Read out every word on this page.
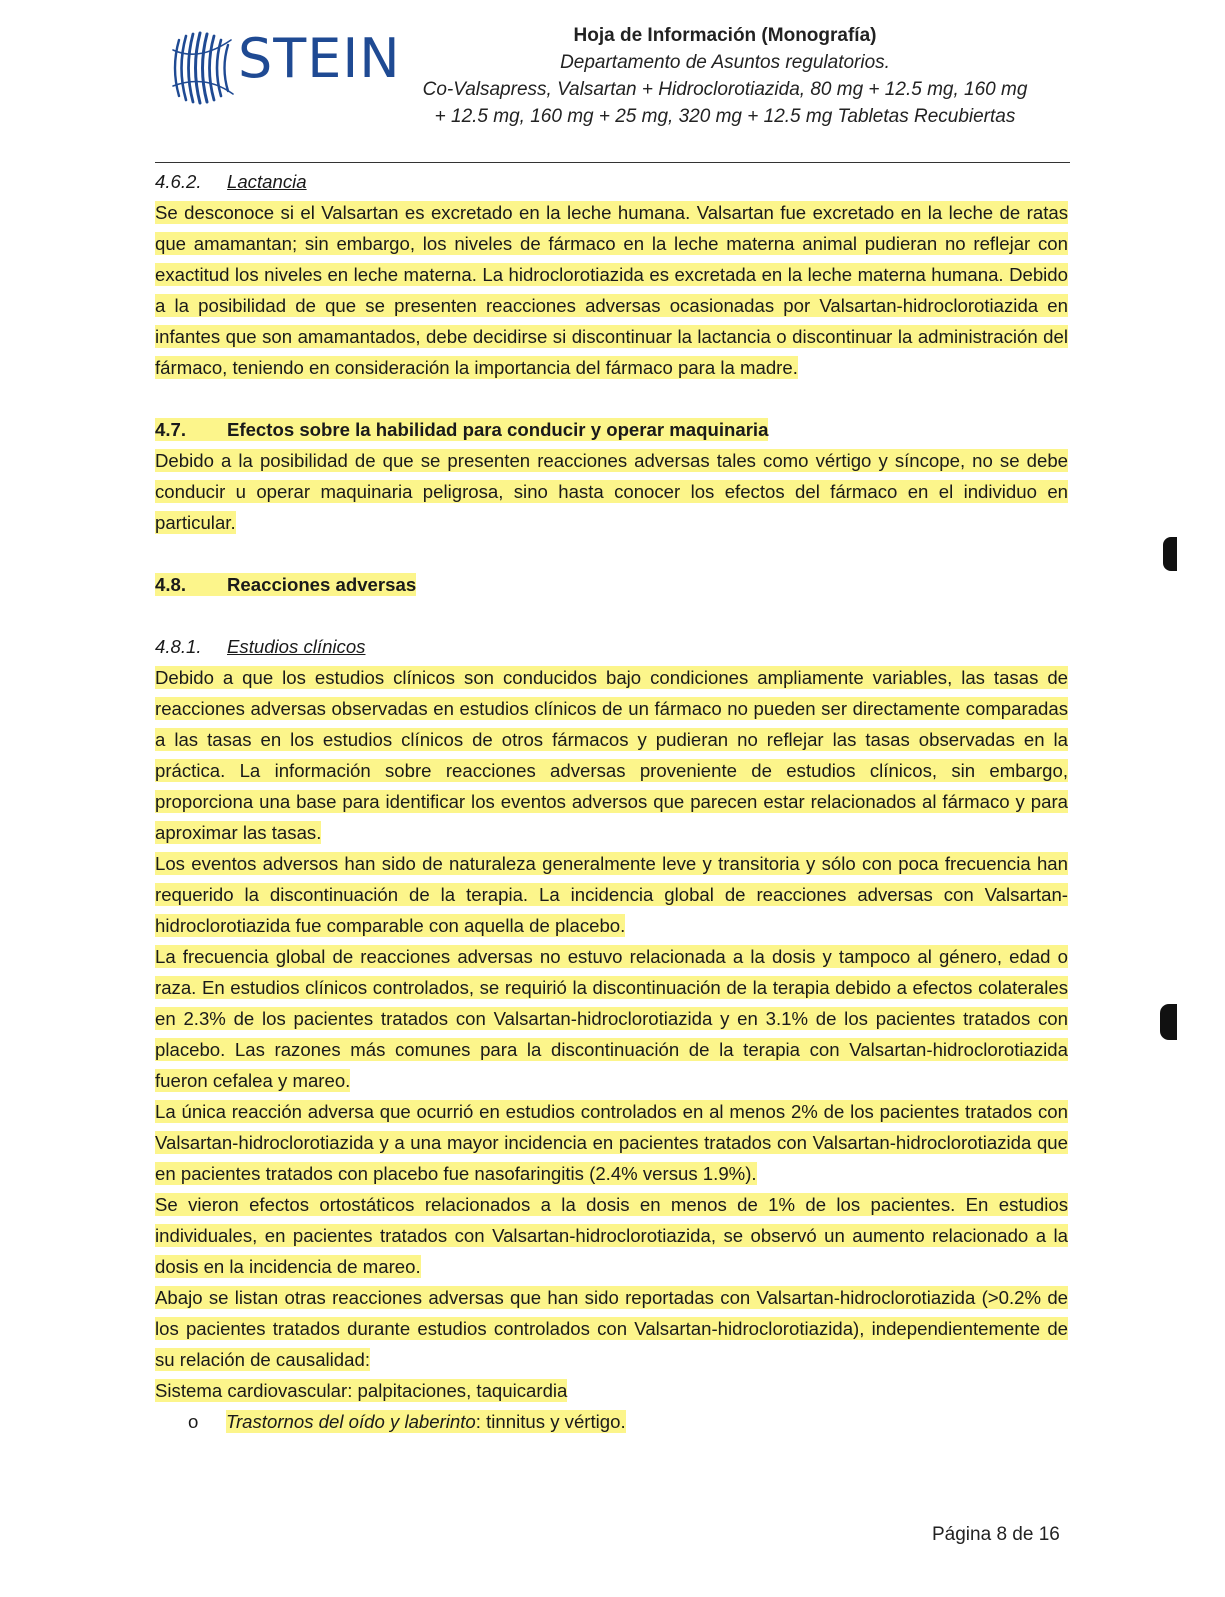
STEIN	Hoja de Información (Monografía)
Departamento de Asuntos regulatorios.
Co-Valsapress, Valsartan + Hidroclorotiazida, 80 mg + 12.5 mg, 160 mg
+ 12.5 mg, 160 mg + 25 mg, 320 mg + 12.5 mg Tabletas Recubiertas

4.6.2. Lactancia

Se desconoce si el Valsartan es excretado en la leche humana. Valsartan fue excretado en la leche de ratas que amamantan; sin embargo, los niveles de fármaco en la leche materna animal pudieran no reflejar con exactitud los niveles en leche materna. La hidroclorotiazida es excretada en la leche materna humana. Debido a la posibilidad de que se presenten reacciones adversas ocasionadas por Valsartan-hidroclorotiazida en infantes que son amamantados, debe decidirse si discontinuar la lactancia o discontinuar la administración del fármaco, teniendo en consideración la importancia del fármaco para la madre.

4.7. Efectos sobre la habilidad para conducir y operar maquinaria

Debido a la posibilidad de que se presenten reacciones adversas tales como vértigo y síncope, no se debe conducir u operar maquinaria peligrosa, sino hasta conocer los efectos del fármaco en el individuo en particular.

4.8. Reacciones adversas

4.8.1. Estudios clínicos

Debido a que los estudios clínicos son conducidos bajo condiciones ampliamente variables, las tasas de reacciones adversas observadas en estudios clínicos de un fármaco no pueden ser directamente comparadas a las tasas en los estudios clínicos de otros fármacos y pudieran no reflejar las tasas observadas en la práctica. La información sobre reacciones adversas proveniente de estudios clínicos, sin embargo, proporciona una base para identificar los eventos adversos que parecen estar relacionados al fármaco y para aproximar las tasas.

Los eventos adversos han sido de naturaleza generalmente leve y transitoria y sólo con poca frecuencia han requerido la discontinuación de la terapia. La incidencia global de reacciones adversas con Valsartan-hidroclorotiazida fue comparable con aquella de placebo.

La frecuencia global de reacciones adversas no estuvo relacionada a la dosis y tampoco al género, edad o raza. En estudios clínicos controlados, se requirió la discontinuación de la terapia debido a efectos colaterales en 2.3% de los pacientes tratados con Valsartan-hidroclorotiazida y en 3.1% de los pacientes tratados con placebo. Las razones más comunes para la discontinuación de la terapia con Valsartan-hidroclorotiazida fueron cefalea y mareo.

La única reacción adversa que ocurrió en estudios controlados en al menos 2% de los pacientes tratados con Valsartan-hidroclorotiazida y a una mayor incidencia en pacientes tratados con Valsartan-hidroclorotiazida que en pacientes tratados con placebo fue nasofaringitis (2.4% versus 1.9%).

Se vieron efectos ortostáticos relacionados a la dosis en menos de 1% de los pacientes. En estudios individuales, en pacientes tratados con Valsartan-hidroclorotiazida, se observó un aumento relacionado a la dosis en la incidencia de mareo.

Abajo se listan otras reacciones adversas que han sido reportadas con Valsartan-hidroclorotiazida (>0.2% de los pacientes tratados durante estudios controlados con Valsartan-hidroclorotiazida), independientemente de su relación de causalidad:

Sistema cardiovascular: palpitaciones, taquicardia

o Trastornos del oído y laberinto: tinnitus y vértigo.

Página 8 de 16
